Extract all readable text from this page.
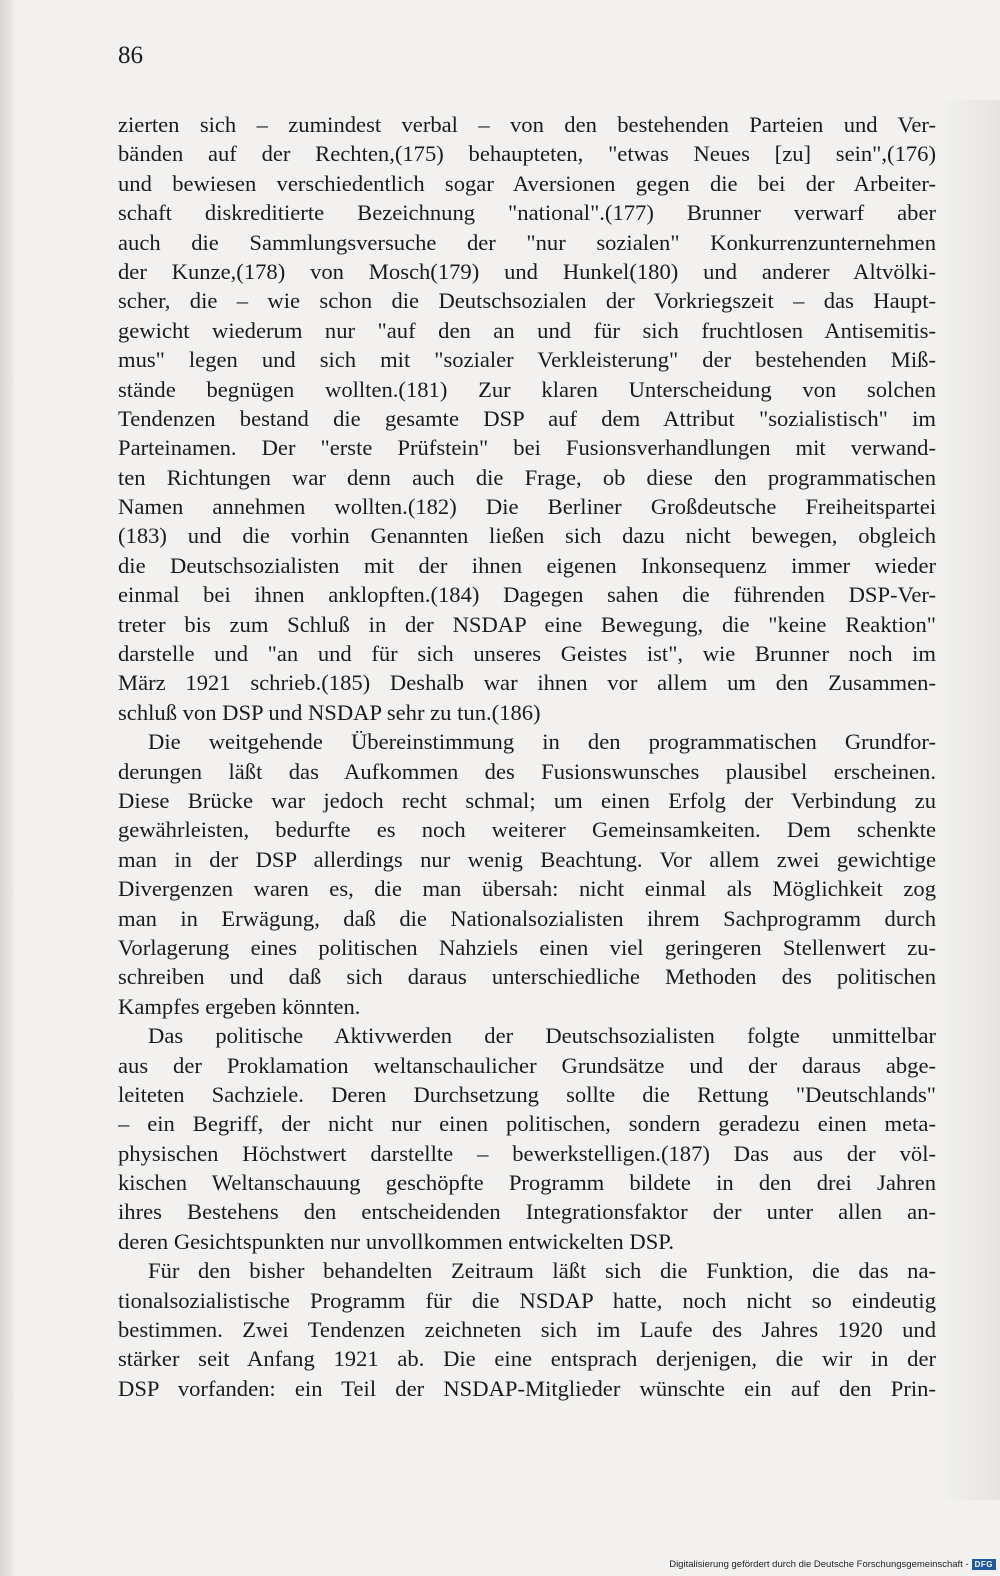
86
zierten sich – zumindest verbal – von den bestehenden Parteien und Ver-
bänden auf der Rechten,(175) behaupteten, "etwas Neues [zu] sein",(176)
und bewiesen verschiedentlich sogar Aversionen gegen die bei der Arbeiter-
schaft diskreditierte Bezeichnung "national".(177) Brunner verwarf aber
auch die Sammlungsversuche der "nur sozialen" Konkurrenzunternehmen
der Kunze,(178) von Mosch(179) und Hunkel(180) und anderer Altvölki-
scher, die – wie schon die Deutschsozialen der Vorkriegszeit – das Haupt-
gewicht wiederum nur "auf den an und für sich fruchtlosen Antisemitis-
mus" legen und sich mit "sozialer Verkleisterung" der bestehenden Miß-
stände begnügen wollten.(181) Zur klaren Unterscheidung von solchen
Tendenzen bestand die gesamte DSP auf dem Attribut "sozialistisch" im
Parteinamen. Der "erste Prüfstein" bei Fusionsverhandlungen mit verwand-
ten Richtungen war denn auch die Frage, ob diese den programmatischen
Namen annehmen wollten.(182) Die Berliner Großdeutsche Freiheitspartei
(183) und die vorhin Genannten ließen sich dazu nicht bewegen, obgleich
die Deutschsozialisten mit der ihnen eigenen Inkonsequenz immer wieder
einmal bei ihnen anklopften.(184) Dagegen sahen die führenden DSP-Ver-
treter bis zum Schluß in der NSDAP eine Bewegung, die "keine Reaktion"
darstelle und "an und für sich unseres Geistes ist", wie Brunner noch im
März 1921 schrieb.(185) Deshalb war ihnen vor allem um den Zusammen-
schluß von DSP und NSDAP sehr zu tun.(186)
Die weitgehende Übereinstimmung in den programmatischen Grundfor-
derungen läßt das Aufkommen des Fusionswunsches plausibel erscheinen.
Diese Brücke war jedoch recht schmal; um einen Erfolg der Verbindung zu
gewährleisten, bedurfte es noch weiterer Gemeinsamkeiten. Dem schenkte
man in der DSP allerdings nur wenig Beachtung. Vor allem zwei gewichtige
Divergenzen waren es, die man übersah: nicht einmal als Möglichkeit zog
man in Erwägung, daß die Nationalsozialisten ihrem Sachprogramm durch
Vorlagerung eines politischen Nahziels einen viel geringeren Stellenwert zu-
schreiben und daß sich daraus unterschiedliche Methoden des politischen
Kampfes ergeben könnten.
Das politische Aktivwerden der Deutschsozialisten folgte unmittelbar
aus der Proklamation weltanschaulicher Grundsätze und der daraus abge-
leiteten Sachziele. Deren Durchsetzung sollte die Rettung "Deutschlands"
– ein Begriff, der nicht nur einen politischen, sondern geradezu einen meta-
physischen Höchstwert darstellte – bewerkstelligen.(187) Das aus der völ-
kischen Weltanschauung geschöpfte Programm bildete in den drei Jahren
ihres Bestehens den entscheidenden Integrationsfaktor der unter allen an-
deren Gesichtspunkten nur unvollkommen entwickelten DSP.
Für den bisher behandelten Zeitraum läßt sich die Funktion, die das na-
tionalsozialistische Programm für die NSDAP hatte, noch nicht so eindeutig
bestimmen. Zwei Tendenzen zeichneten sich im Laufe des Jahres 1920 und
stärker seit Anfang 1921 ab. Die eine entsprach derjenigen, die wir in der
DSP vorfanden: ein Teil der NSDAP-Mitglieder wünschte ein auf den Prin-
Digitalisierung gefördert durch die Deutsche Forschungsgemeinschaft - DFG
